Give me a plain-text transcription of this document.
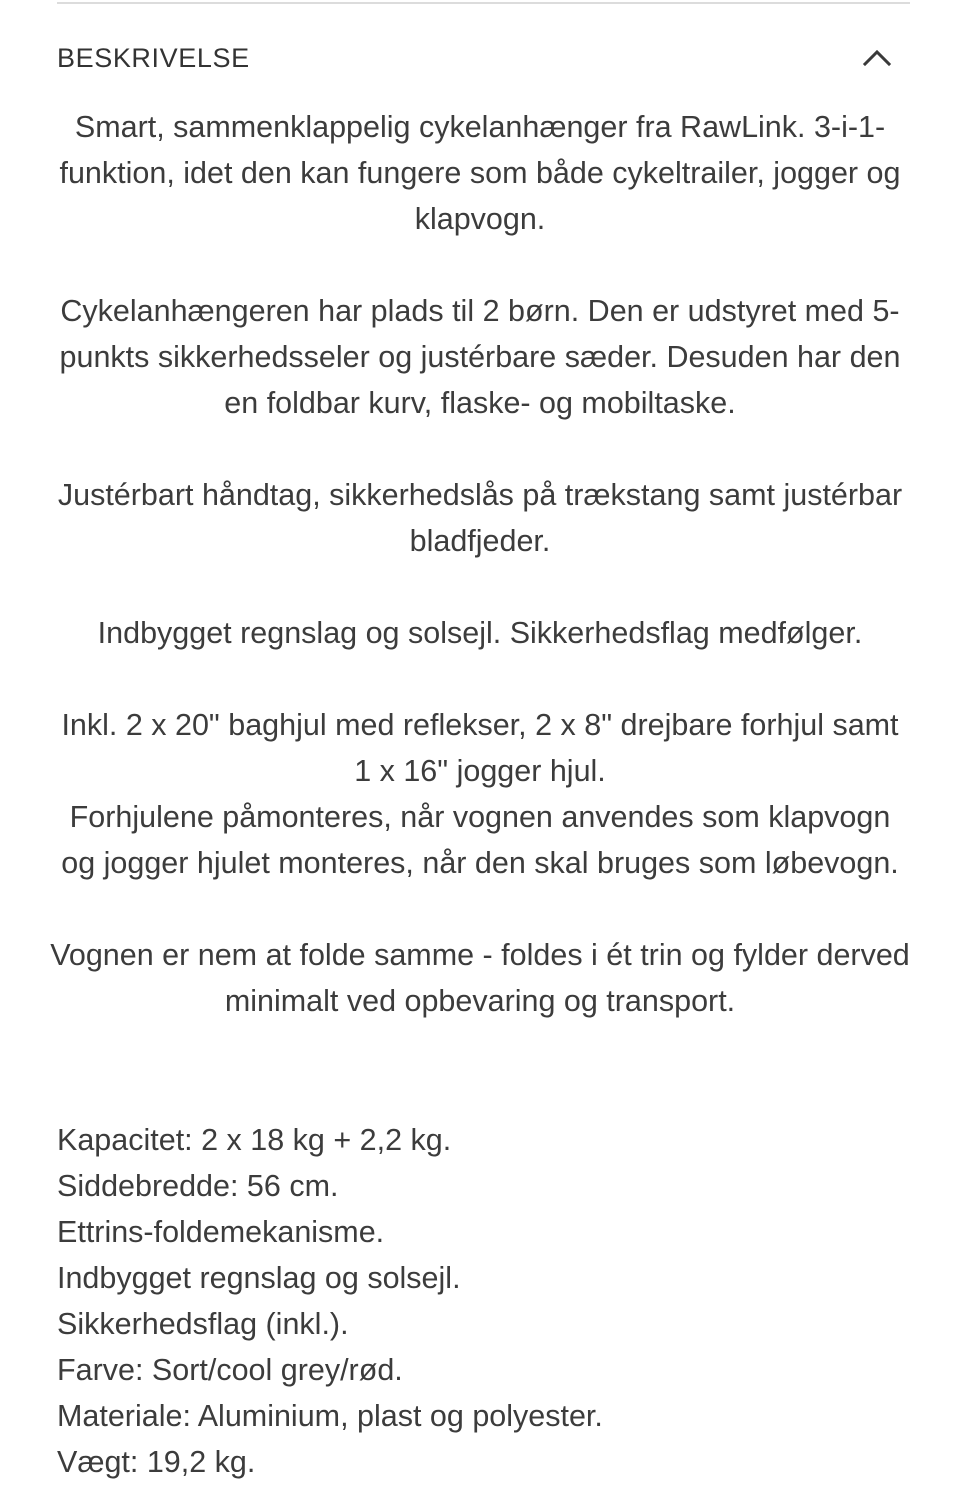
BESKRIVELSE

Smart, sammenklappelig cykelanhænger fra RawLink. 3-i-1-funktion, idet den kan fungere som både cykeltrailer, jogger og klapvogn.

Cykelanhængeren har plads til 2 børn. Den er udstyret med 5-punkts sikkerhedsseler og justérbare sæder. Desuden har den en foldbar kurv, flaske- og mobiltaske.

Justérbart håndtag, sikkerhedslås på trækstang samt justérbar bladfjeder.

Indbygget regnslag og solsejl. Sikkerhedsflag medfølger.

Inkl. 2 x 20" baghjul med reflekser, 2 x 8" drejbare forhjul samt 1 x 16" jogger hjul.

Forhjulene påmonteres, når vognen anvendes som klapvogn og jogger hjulet monteres, når den skal bruges som løbevogn.

Vognen er nem at folde samme - foldes i ét trin og fylder derved minimalt ved opbevaring og transport.

Kapacitet: 2 x 18 kg + 2,2 kg.
Siddebredde: 56 cm.
Ettrins-foldemekanisme.
Indbygget regnslag og solsejl.
Sikkerhedsflag (inkl.).
Farve: Sort/cool grey/rød.
Materiale: Aluminium, plast og polyester.
Vægt: 19,2 kg.
